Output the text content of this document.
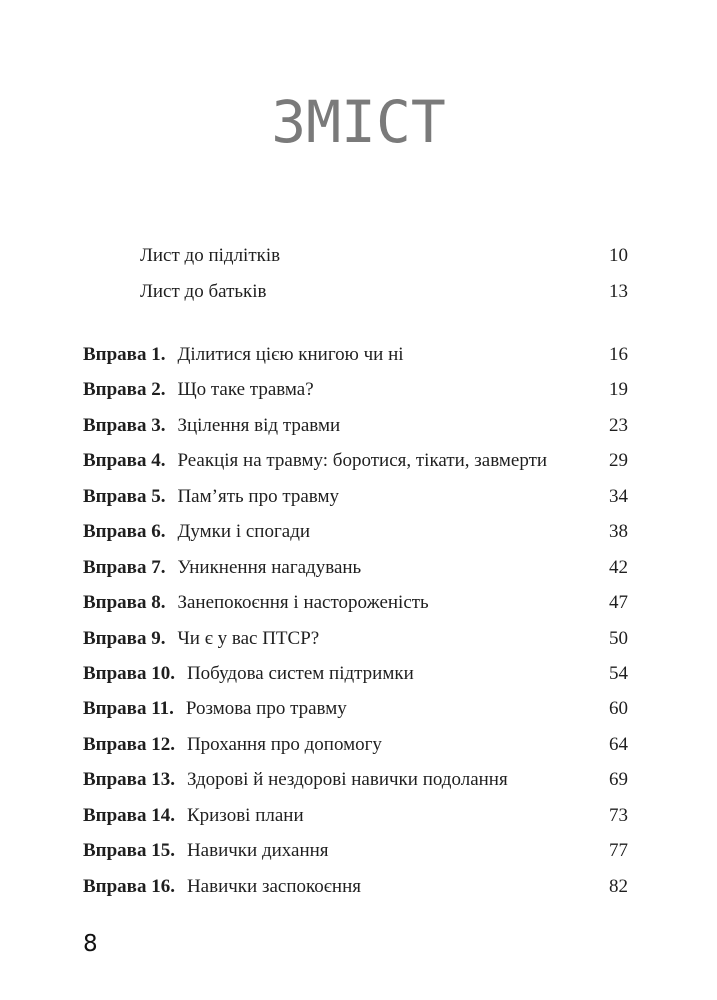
ЗМІСТ
Лист до підлітків	10
Лист до батьків	13
Вправа 1. Ділитися цією книгою чи ні	16
Вправа 2. Що таке травма?	19
Вправа 3. Зцілення від травми	23
Вправа 4. Реакція на травму: боротися, тікати, завмерти	29
Вправа 5. Пам’ять про травму	34
Вправа 6. Думки і спогади	38
Вправа 7. Уникнення нагадувань	42
Вправа 8. Занепокоєння і настороженість	47
Вправа 9. Чи є у вас ПТСР?	50
Вправа 10. Побудова систем підтримки	54
Вправа 11. Розмова про травму	60
Вправа 12. Прохання про допомогу	64
Вправа 13. Здорові й нездорові навички подолання	69
Вправа 14. Кризові плани	73
Вправа 15. Навички дихання	77
Вправа 16. Навички заспокоєння	82
8
